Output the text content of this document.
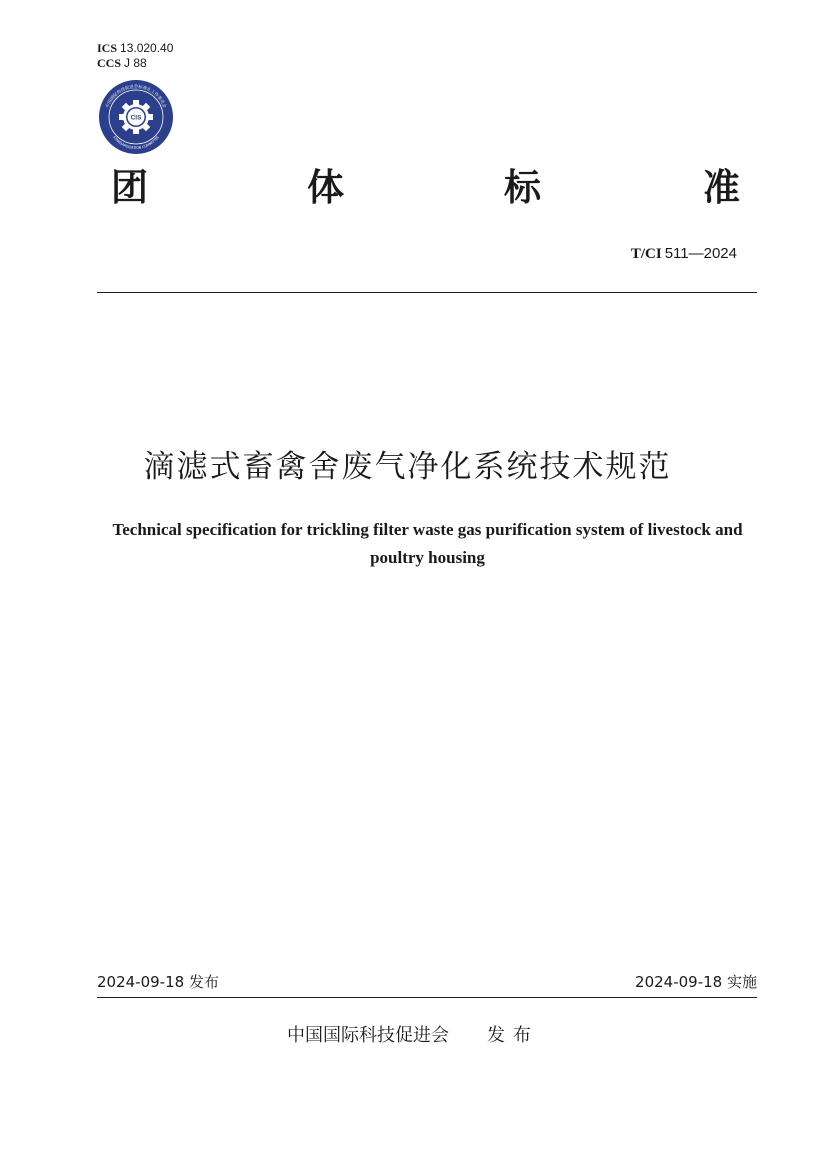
ICS 13.020.40
CCS J 88
中国国际科技促进会标准化工作委员会
STANDARDIZATION COMMITTEE
CIS
团	体	标	准
T/CI 511—2024
滴滤式畜禽舍废气净化系统技术规范
Technical specification for trickling filter waste gas purification system of livestock and poultry housing
2024-09-18 发布	2024-09-18 实施
中国国际科技促进会 发布
